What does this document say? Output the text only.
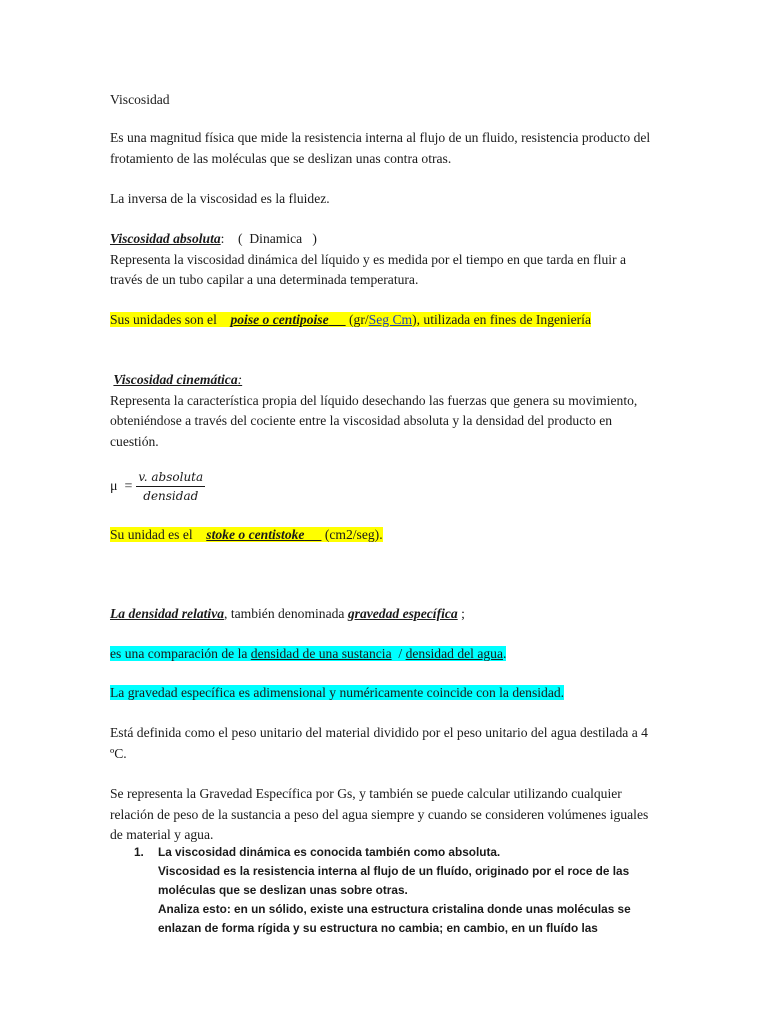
Viscosidad

Es una magnitud física que mide la resistencia interna al flujo de un fluido, resistencia producto del frotamiento de las moléculas que se deslizan unas contra otras.

La inversa de la viscosidad es la fluidez.

Viscosidad absoluta:    (  Dinamica   )
Representa la viscosidad dinámica del líquido y es medida por el tiempo en que tarda en fluir a través de un tubo capilar a una determinada temperatura.
Sus unidades son el    poise o centipoise      (gr/Seg Cm), utilizada en fines de Ingeniería
Viscosidad cinemática:
Representa la característica propia del líquido desechando las fuerzas que genera su movimiento, obteniéndose a través del cociente entre la viscosidad absoluta y la densidad del producto en cuestión.
$\mu = \frac{\text{v. absoluta}}{\text{densidad}}$
Su unidad es el    stoke o centistoke      (cm2/seg).
La densidad relativa, también denominada gravedad específica ;
es una comparación de la densidad de una sustancia  / densidad del agua.
La gravedad específica es adimensional y numéricamente coincide con la densidad.

Está definida como el peso unitario del material dividido por el peso unitario del agua destilada a 4 ºC.

Se representa la Gravedad Específica por Gs, y también se puede calcular utilizando cualquier relación de peso de la sustancia a peso del agua siempre y cuando se consideren volúmenes iguales de material y agua.

1. La viscosidad dinámica es conocida también como absoluta.
Viscosidad es la resistencia interna al flujo de un fluído, originado por el roce de las moléculas que se deslizan unas sobre otras.
Analiza esto: en un sólido, existe una estructura cristalina donde unas moléculas se enlazan de forma rígida y su estructura no cambia; en cambio, en un fluído las
